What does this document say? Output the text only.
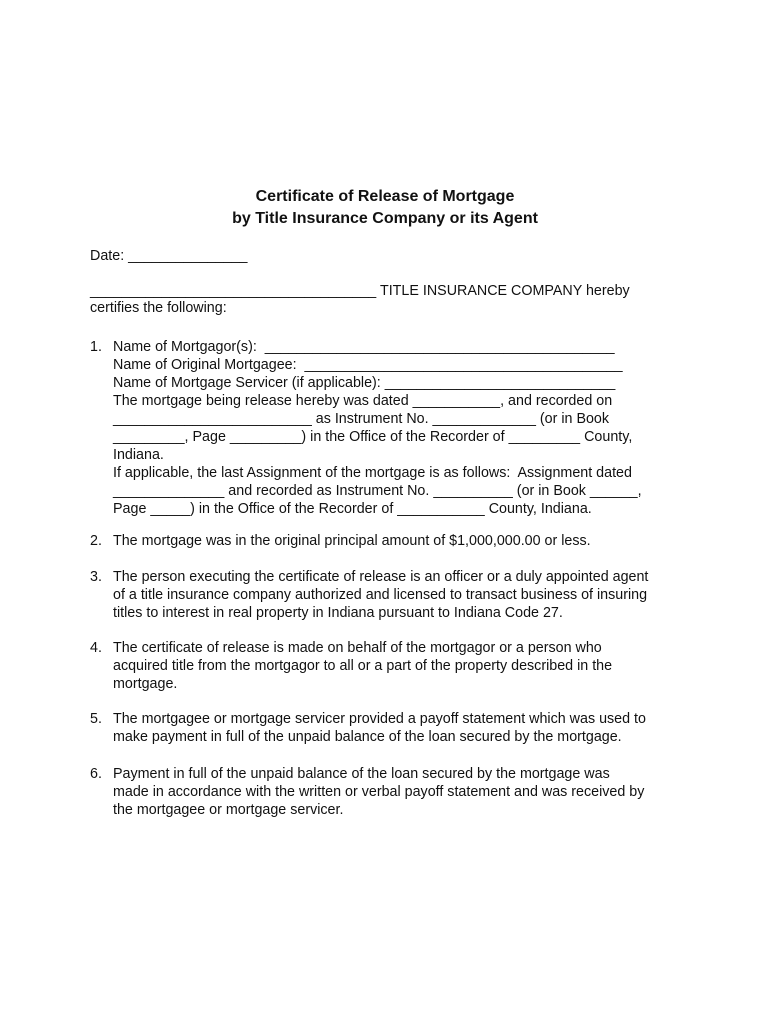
Certificate of Release of Mortgage
by Title Insurance Company or its Agent
Date: _______________
____________________________________ TITLE INSURANCE COMPANY hereby
certifies the following:
1. Name of Mortgagor(s):  ____________________________________________
Name of Original Mortgagee:  ________________________________________
Name of Mortgage Servicer (if applicable): _____________________________
The mortgage being release hereby was dated ___________, and recorded on
_________________________ as Instrument No. _____________ (or in Book
_________, Page _________) in the Office of the Recorder of _________ County,
Indiana.
If applicable, the last Assignment of the mortgage is as follows:  Assignment dated
______________ and recorded as Instrument No. __________ (or in Book ______,
Page _____) in the Office of the Recorder of ___________ County, Indiana.
2. The mortgage was in the original principal amount of $1,000,000.00 or less.
3. The person executing the certificate of release is an officer or a duly appointed agent
of a title insurance company authorized and licensed to transact business of insuring
titles to interest in real property in Indiana pursuant to Indiana Code 27.
4. The certificate of release is made on behalf of the mortgagor or a person who
acquired title from the mortgagor to all or a part of the property described in the
mortgage.
5. The mortgagee or mortgage servicer provided a payoff statement which was used to
make payment in full of the unpaid balance of the loan secured by the mortgage.
6. Payment in full of the unpaid balance of the loan secured by the mortgage was
made in accordance with the written or verbal payoff statement and was received by
the mortgagee or mortgage servicer.
